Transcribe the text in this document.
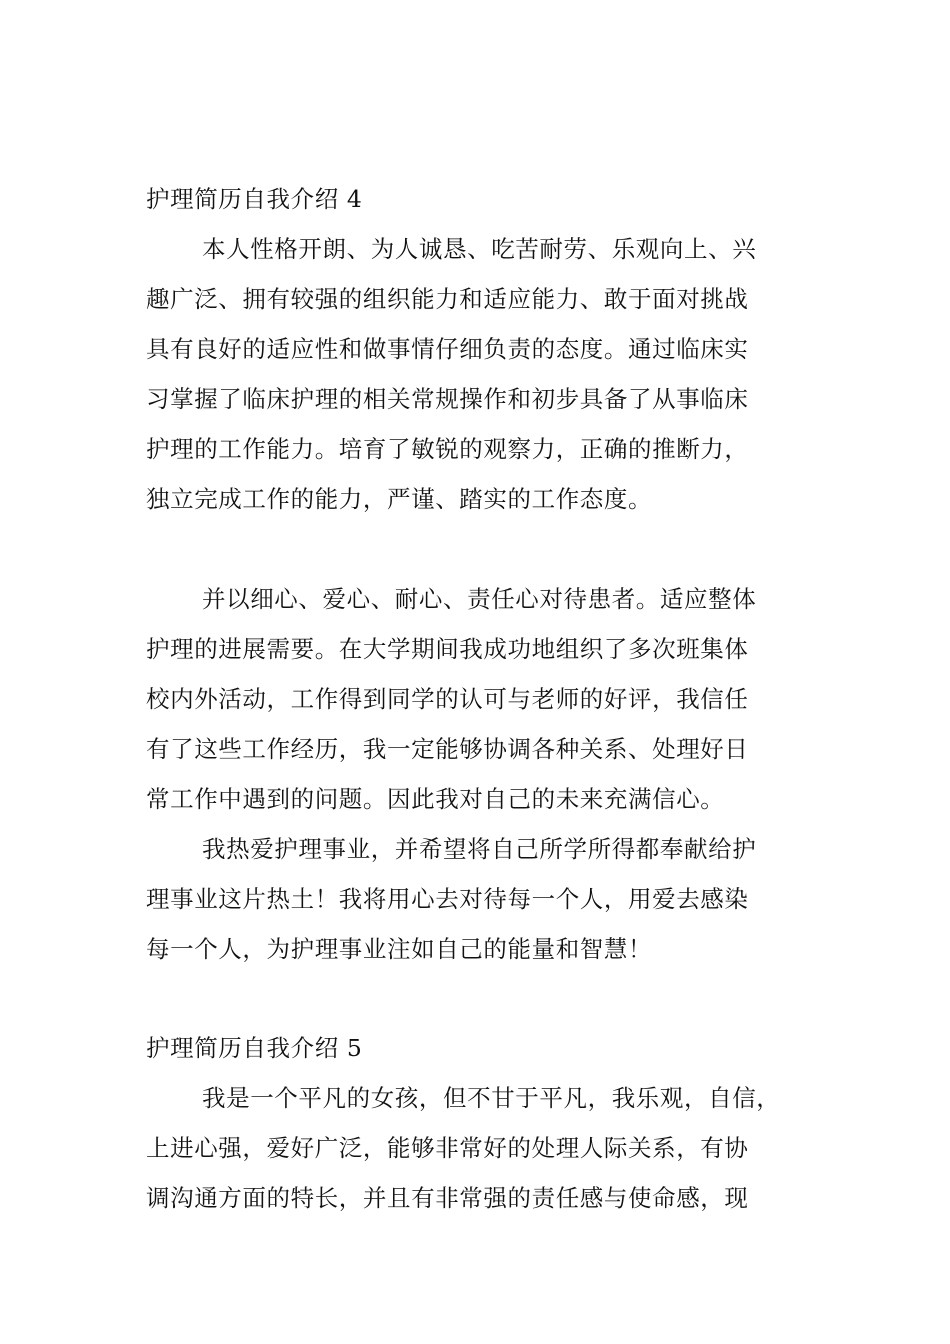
护理简历自我介绍 4
本人性格开朗、为人诚恳、吃苦耐劳、乐观向上、兴
趣广泛、拥有较强的组织能力和适应能力、敢于面对挑战
具有良好的适应性和做事情仔细负责的态度。通过临床实
习掌握了临床护理的相关常规操作和初步具备了从事临床
护理的工作能力。培育了敏锐的观察力，正确的推断力，
独立完成工作的能力，严谨、踏实的工作态度。
并以细心、爱心、耐心、责任心对待患者。适应整体
护理的进展需要。在大学期间我成功地组织了多次班集体
校内外活动，工作得到同学的认可与老师的好评，我信任
有了这些工作经历，我一定能够协调各种关系、处理好日
常工作中遇到的问题。因此我对自己的未来充满信心。
我热爱护理事业，并希望将自己所学所得都奉献给护
理事业这片热土！我将用心去对待每一个人，用爱去感染
每一个人，为护理事业注如自己的能量和智慧！
护理简历自我介绍 5
我是一个平凡的女孩，但不甘于平凡，我乐观，自信，
上进心强，爱好广泛，能够非常好的处理人际关系，有协
调沟通方面的特长，并且有非常强的责任感与使命感，现
